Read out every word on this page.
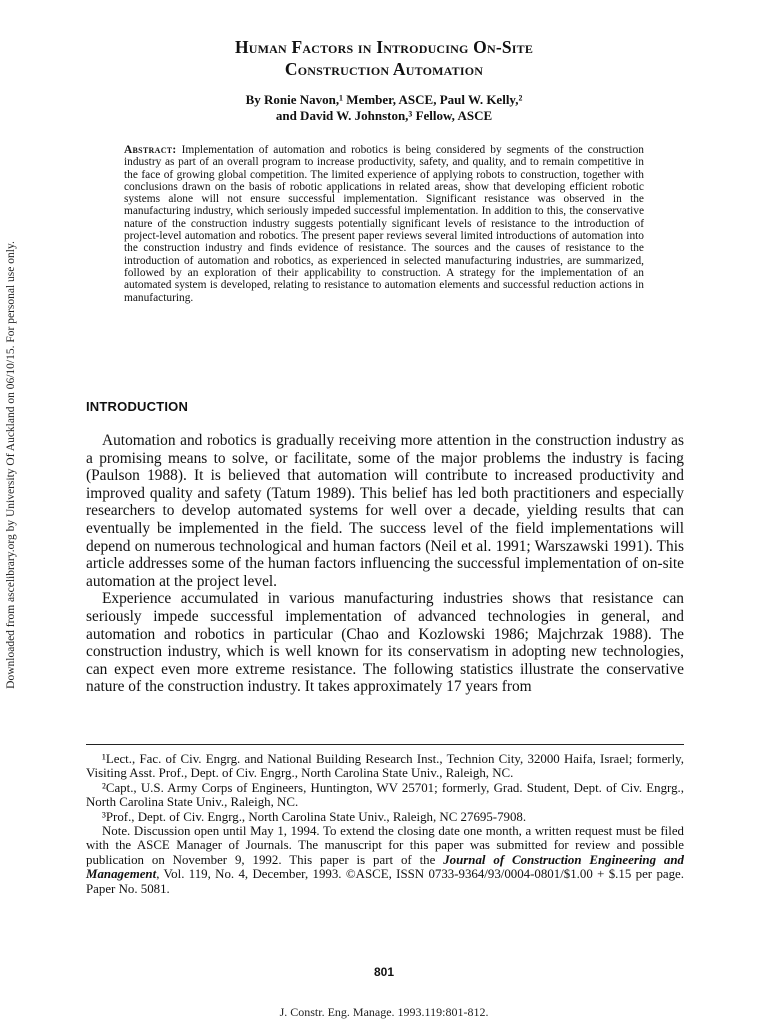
Downloaded from ascelibrary.org by University Of Auckland on 06/10/15. For personal use only.
Human Factors in Introducing On-Site
Construction Automation
By Ronie Navon,¹ Member, ASCE, Paul W. Kelly,²
and David W. Johnston,³ Fellow, ASCE
Abstract: Implementation of automation and robotics is being considered by segments of the construction industry as part of an overall program to increase productivity, safety, and quality, and to remain competitive in the face of growing global competition. The limited experience of applying robots to construction, together with conclusions drawn on the basis of robotic applications in related areas, show that developing efficient robotic systems alone will not ensure successful implementation. Significant resistance was observed in the manufacturing industry, which seriously impeded successful implementation. In addition to this, the conservative nature of the construction industry suggests potentially significant levels of resistance to the introduction of project-level automation and robotics. The present paper reviews several limited introductions of automation into the construction industry and finds evidence of resistance. The sources and the causes of resistance to the introduction of automation and robotics, as experienced in selected manufacturing industries, are summarized, followed by an exploration of their applicability to construction. A strategy for the implementation of an automated system is developed, relating to resistance to automation elements and successful reduction actions in manufacturing.
INTRODUCTION

Automation and robotics is gradually receiving more attention in the construction industry as a promising means to solve, or facilitate, some of the major problems the industry is facing (Paulson 1988). It is believed that automation will contribute to increased productivity and improved quality and safety (Tatum 1989). This belief has led both practitioners and especially researchers to develop automated systems for well over a decade, yielding results that can eventually be implemented in the field. The success level of the field implementations will depend on numerous technological and human factors (Neil et al. 1991; Warszawski 1991). This article addresses some of the human factors influencing the successful implementation of on-site automation at the project level.

Experience accumulated in various manufacturing industries shows that resistance can seriously impede successful implementation of advanced technologies in general, and automation and robotics in particular (Chao and Kozlowski 1986; Majchrzak 1988). The construction industry, which is well known for its conservatism in adopting new technologies, can expect even more extreme resistance. The following statistics illustrate the conservative nature of the construction industry. It takes approximately 17 years from

¹Lect., Fac. of Civ. Engrg. and National Building Research Inst., Technion City, 32000 Haifa, Israel; formerly, Visiting Asst. Prof., Dept. of Civ. Engrg., North Carolina State Univ., Raleigh, NC.

²Capt., U.S. Army Corps of Engineers, Huntington, WV 25701; formerly, Grad. Student, Dept. of Civ. Engrg., North Carolina State Univ., Raleigh, NC.

³Prof., Dept. of Civ. Engrg., North Carolina State Univ., Raleigh, NC 27695-7908.

Note. Discussion open until May 1, 1994. To extend the closing date one month, a written request must be filed with the ASCE Manager of Journals. The manuscript for this paper was submitted for review and possible publication on November 9, 1992. This paper is part of the Journal of Construction Engineering and Management, Vol. 119, No. 4, December, 1993. ©ASCE, ISSN 0733-9364/93/0004-0801/$1.00 + $.15 per page. Paper No. 5081.

801
J. Constr. Eng. Manage. 1993.119:801-812.
